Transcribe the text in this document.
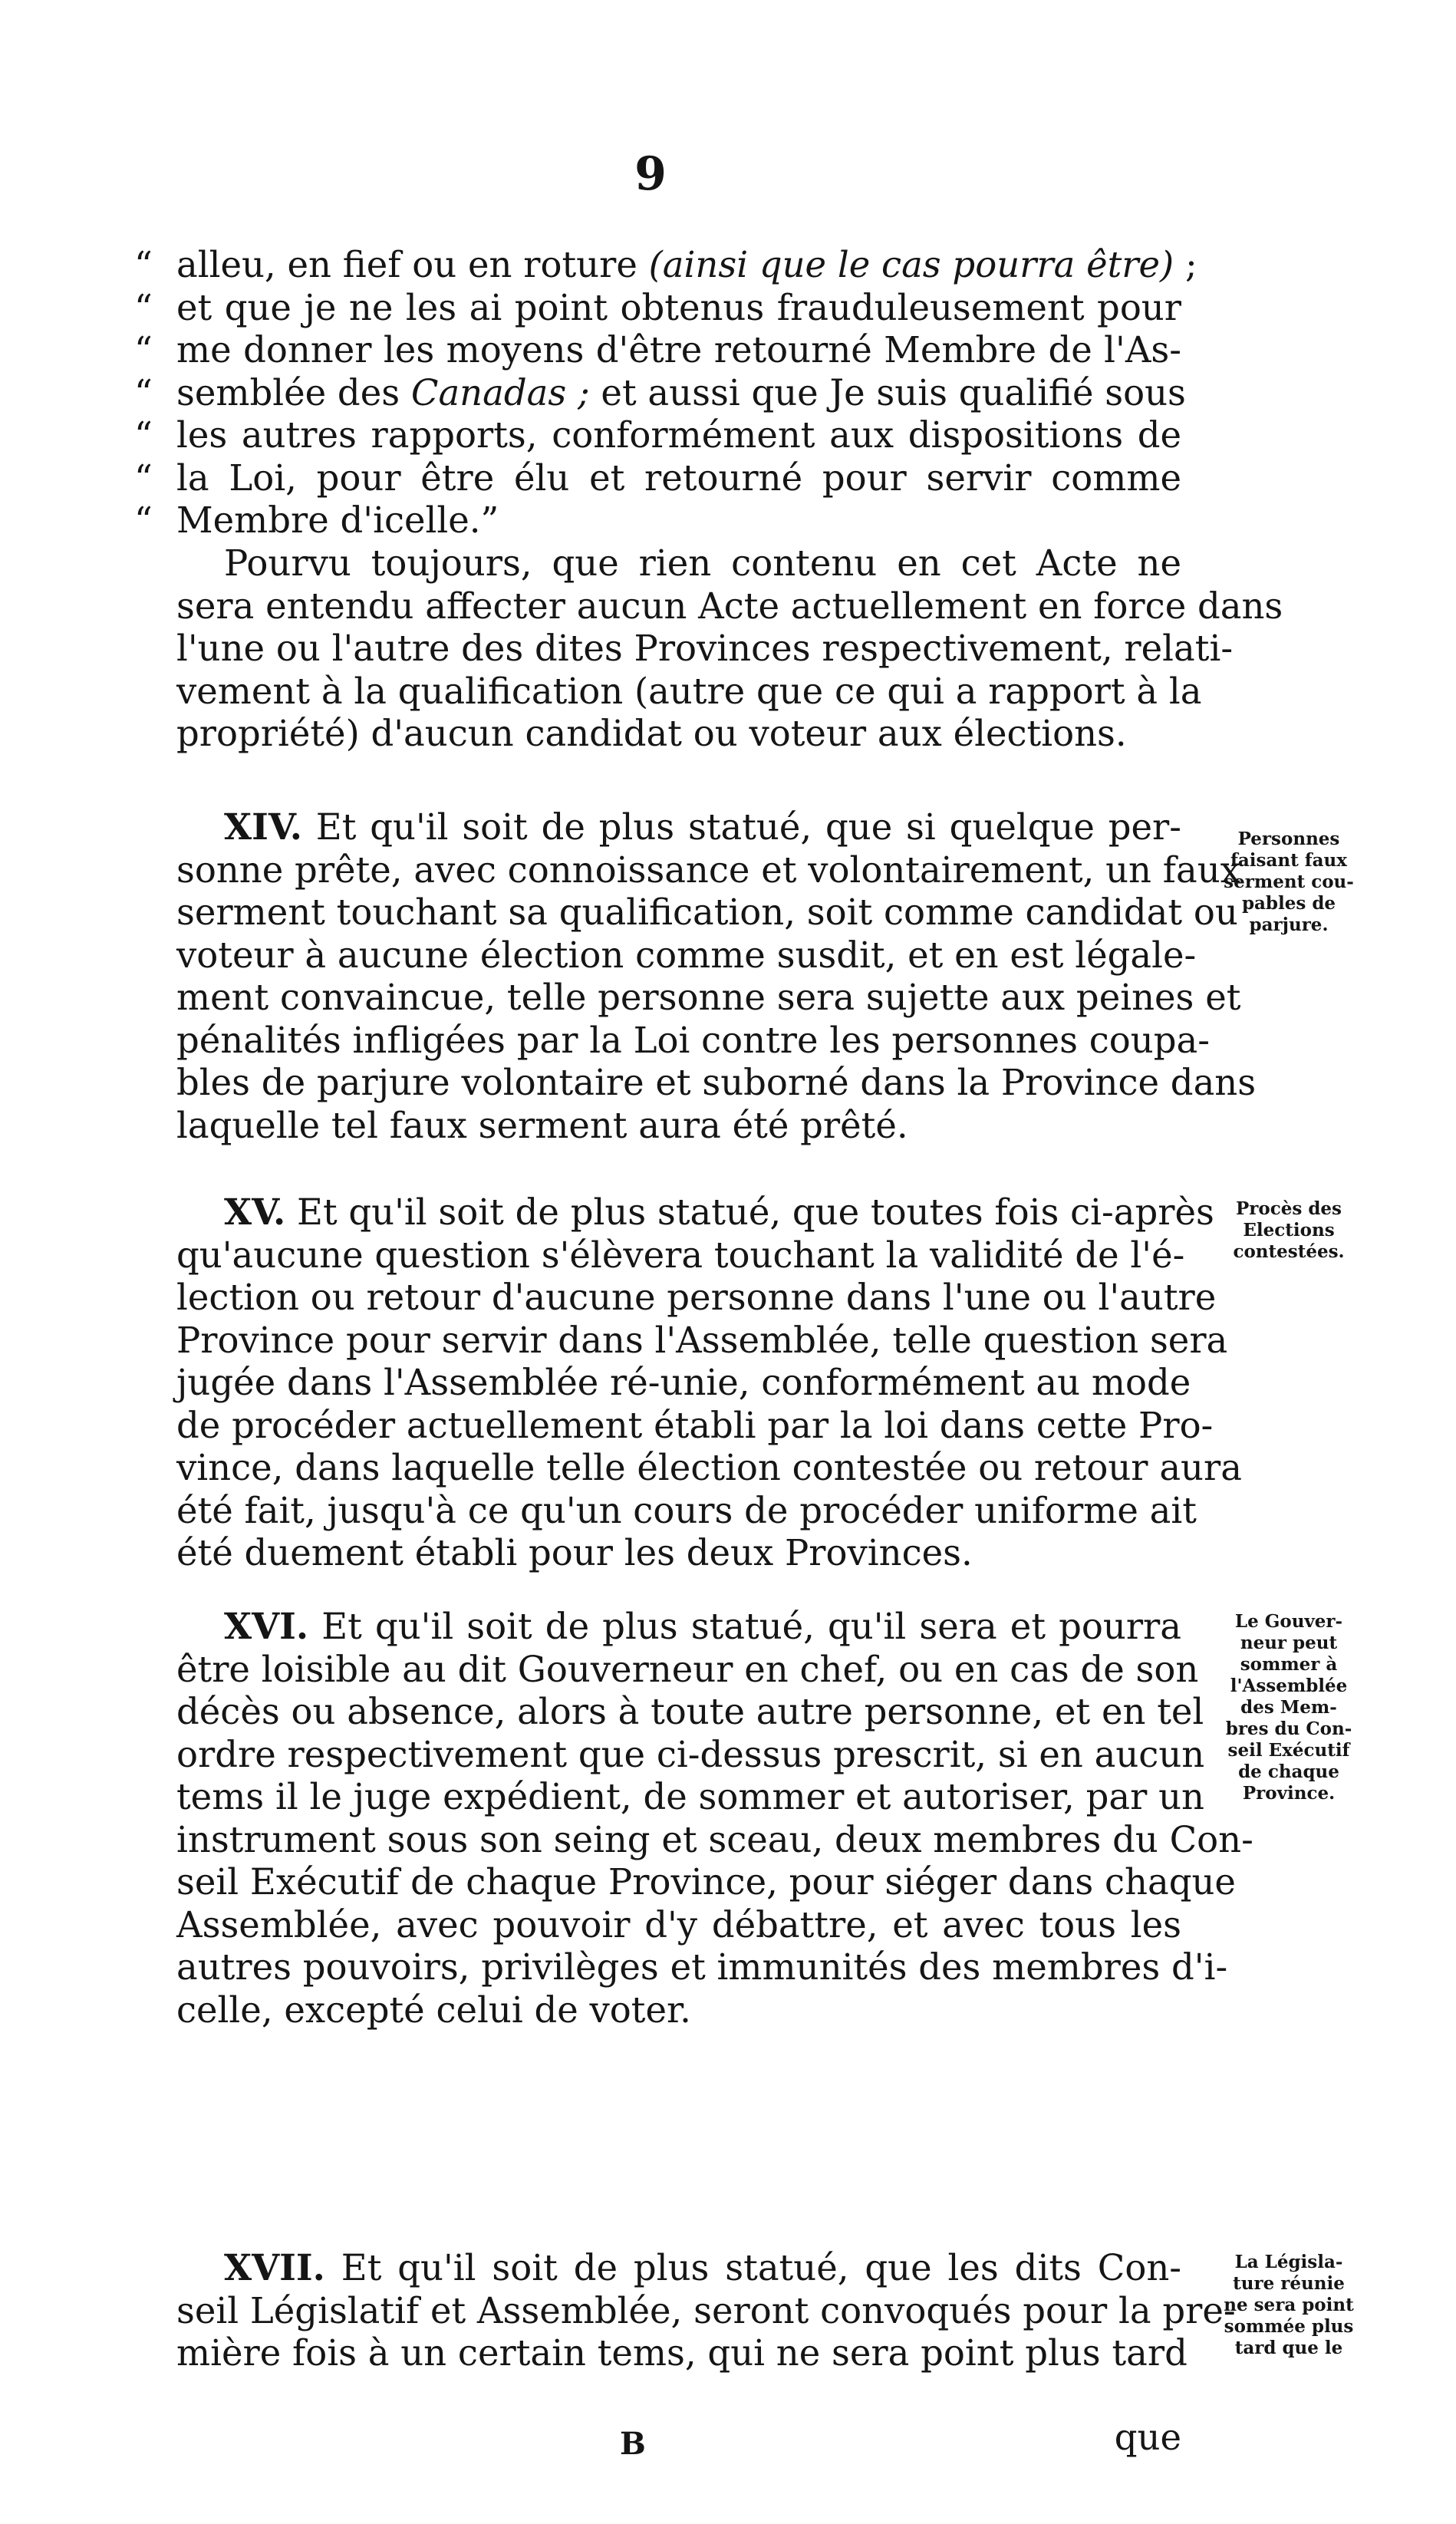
9
“ alleu, en fief ou en roture (ainsi que le cas pourra être) ;
“ et que je ne les ai point obtenus frauduleusement pour
“ me donner les moyens d'être retourné Membre de l'As-
“ semblée des Canadas ; et aussi que Je suis qualifié sous
“ les autres rapports, conformément aux dispositions de
“ la Loi, pour être élu et retourné pour servir comme
“ Membre d'icelle.”
Pourvu toujours, que rien contenu en cet Acte ne
sera entendu affecter aucun Acte actuellement en force dans
l'une ou l'autre des dites Provinces respectivement, relati-
vement à la qualification (autre que ce qui a rapport à la
propriété) d'aucun candidat ou voteur aux élections.
XIV. Et qu'il soit de plus statué, que si quelque per-
sonne prête, avec connoissance et volontairement, un faux
serment touchant sa qualification, soit comme candidat ou
voteur à aucune élection comme susdit, et en est légale-
ment convaincue, telle personne sera sujette aux peines et
pénalités infligées par la Loi contre les personnes coupa-
bles de parjure volontaire et suborné dans la Province dans
laquelle tel faux serment aura été prêté.
Personnes
faisant faux
serment cou-
pables de
parjure.
XV. Et qu'il soit de plus statué, que toutes fois ci-après
qu'aucune question s'élèvera touchant la validité de l'é-
lection ou retour d'aucune personne dans l'une ou l'autre
Province pour servir dans l'Assemblée, telle question sera
jugée dans l'Assemblée ré-unie, conformément au mode
de procéder actuellement établi par la loi dans cette Pro-
vince, dans laquelle telle élection contestée ou retour aura
été fait, jusqu'à ce qu'un cours de procéder uniforme ait
été duement établi pour les deux Provinces.
Procès des
Elections
contestées.
XVI. Et qu'il soit de plus statué, qu'il sera et pourra
être loisible au dit Gouverneur en chef, ou en cas de son
décès ou absence, alors à toute autre personne, et en tel
ordre respectivement que ci-dessus prescrit, si en aucun
tems il le juge expédient, de sommer et autoriser, par un
instrument sous son seing et sceau, deux membres du Con-
seil Exécutif de chaque Province, pour siéger dans chaque
Assemblée, avec pouvoir d'y débattre, et avec tous les
autres pouvoirs, privilèges et immunités des membres d'i-
celle, excepté celui de voter.
Le Gouver-
neur peut
sommer à
l'Assemblée
des Mem-
bres du Con-
seil Exécutif
de chaque
Province.
XVII. Et qu'il soit de plus statué, que les dits Con-
seil Législatif et Assemblée, seront convoqués pour la pre-
mière fois à un certain tems, qui ne sera point plus tard
La Législa-
ture réunie
ne sera point
sommée plus
tard que le
B	que
